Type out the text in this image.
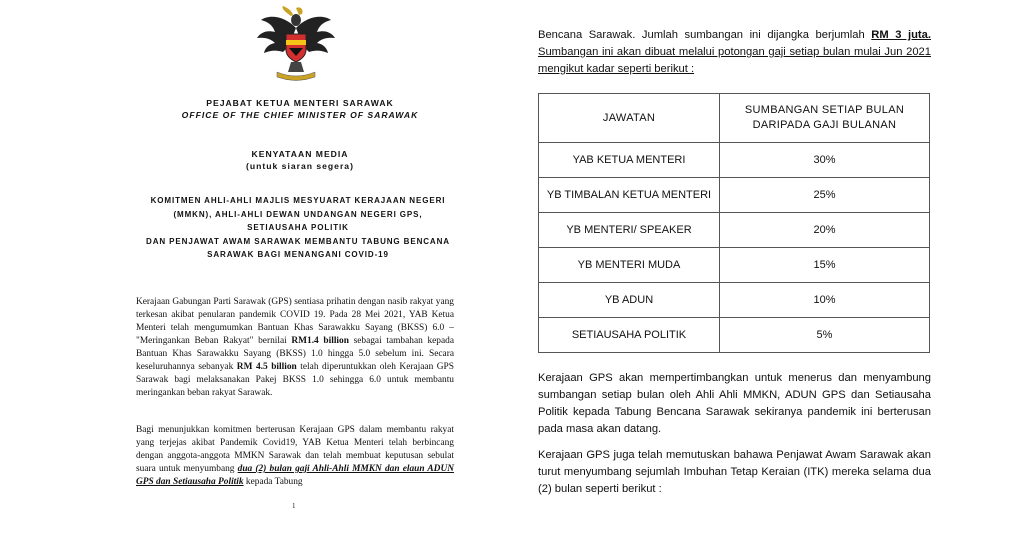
PEJABAT KETUA MENTERI SARAWAK
OFFICE OF THE CHIEF MINISTER OF SARAWAK
KENYATAAN MEDIA
(untuk siaran segera)
KOMITMEN AHLI-AHLI MAJLIS MESYUARAT KERAJAAN NEGERI
(MMKN), AHLI-AHLI DEWAN UNDANGAN NEGERI GPS,
SETIAUSAHA POLITIK
DAN PENJAWAT AWAM SARAWAK MEMBANTU TABUNG BENCANA
SARAWAK BAGI MENANGANI COVID-19
Kerajaan Gabungan Parti Sarawak (GPS) sentiasa prihatin dengan nasib rakyat yang terkesan akibat penularan pandemik COVID 19. Pada 28 Mei 2021, YAB Ketua Menteri telah mengumumkan Bantuan Khas Sarawakku Sayang (BKSS) 6.0 – "Meringankan Beban Rakyat" bernilai RM1.4 billion sebagai tambahan kepada Bantuan Khas Sarawakku Sayang (BKSS) 1.0 hingga 5.0 sebelum ini. Secara keseluruhannya sebanyak RM 4.5 billion telah diperuntukkan oleh Kerajaan GPS Sarawak bagi melaksanakan Pakej BKSS 1.0 sehingga 6.0 untuk membantu meringankan beban rakyat Sarawak.
Bagi menunjukkan komitmen berterusan Kerajaan GPS dalam membantu rakyat yang terjejas akibat Pandemik Covid19, YAB Ketua Menteri telah berbincang dengan anggota-anggota MMKN Sarawak dan telah membuat keputusan sebulat suara untuk menyumbang dua (2) bulan gaji Ahli-Ahli MMKN dan elaun ADUN GPS dan Setiausaha Politik kepada Tabung
1
Bencana Sarawak. Jumlah sumbangan ini dijangka berjumlah RM 3 juta. Sumbangan ini akan dibuat melalui potongan gaji setiap bulan mulai Jun 2021 mengikut kadar seperti berikut :
JAWATAN	SUMBANGAN SETIAP BULAN DARIPADA GAJI BULANAN
YAB KETUA MENTERI	30%
YB TIMBALAN KETUA MENTERI	25%
YB MENTERI/ SPEAKER	20%
YB MENTERI MUDA	15%
YB ADUN	10%
SETIAUSAHA POLITIK	5%
Kerajaan GPS akan mempertimbangkan untuk menerus dan menyambung sumbangan setiap bulan oleh Ahli Ahli MMKN, ADUN GPS dan Setiausaha Politik kepada Tabung Bencana Sarawak sekiranya pandemik ini berterusan pada masa akan datang.
Kerajaan GPS juga telah memutuskan bahawa Penjawat Awam Sarawak akan turut menyumbang sejumlah Imbuhan Tetap Keraian (ITK) mereka selama dua (2) bulan seperti berikut :
